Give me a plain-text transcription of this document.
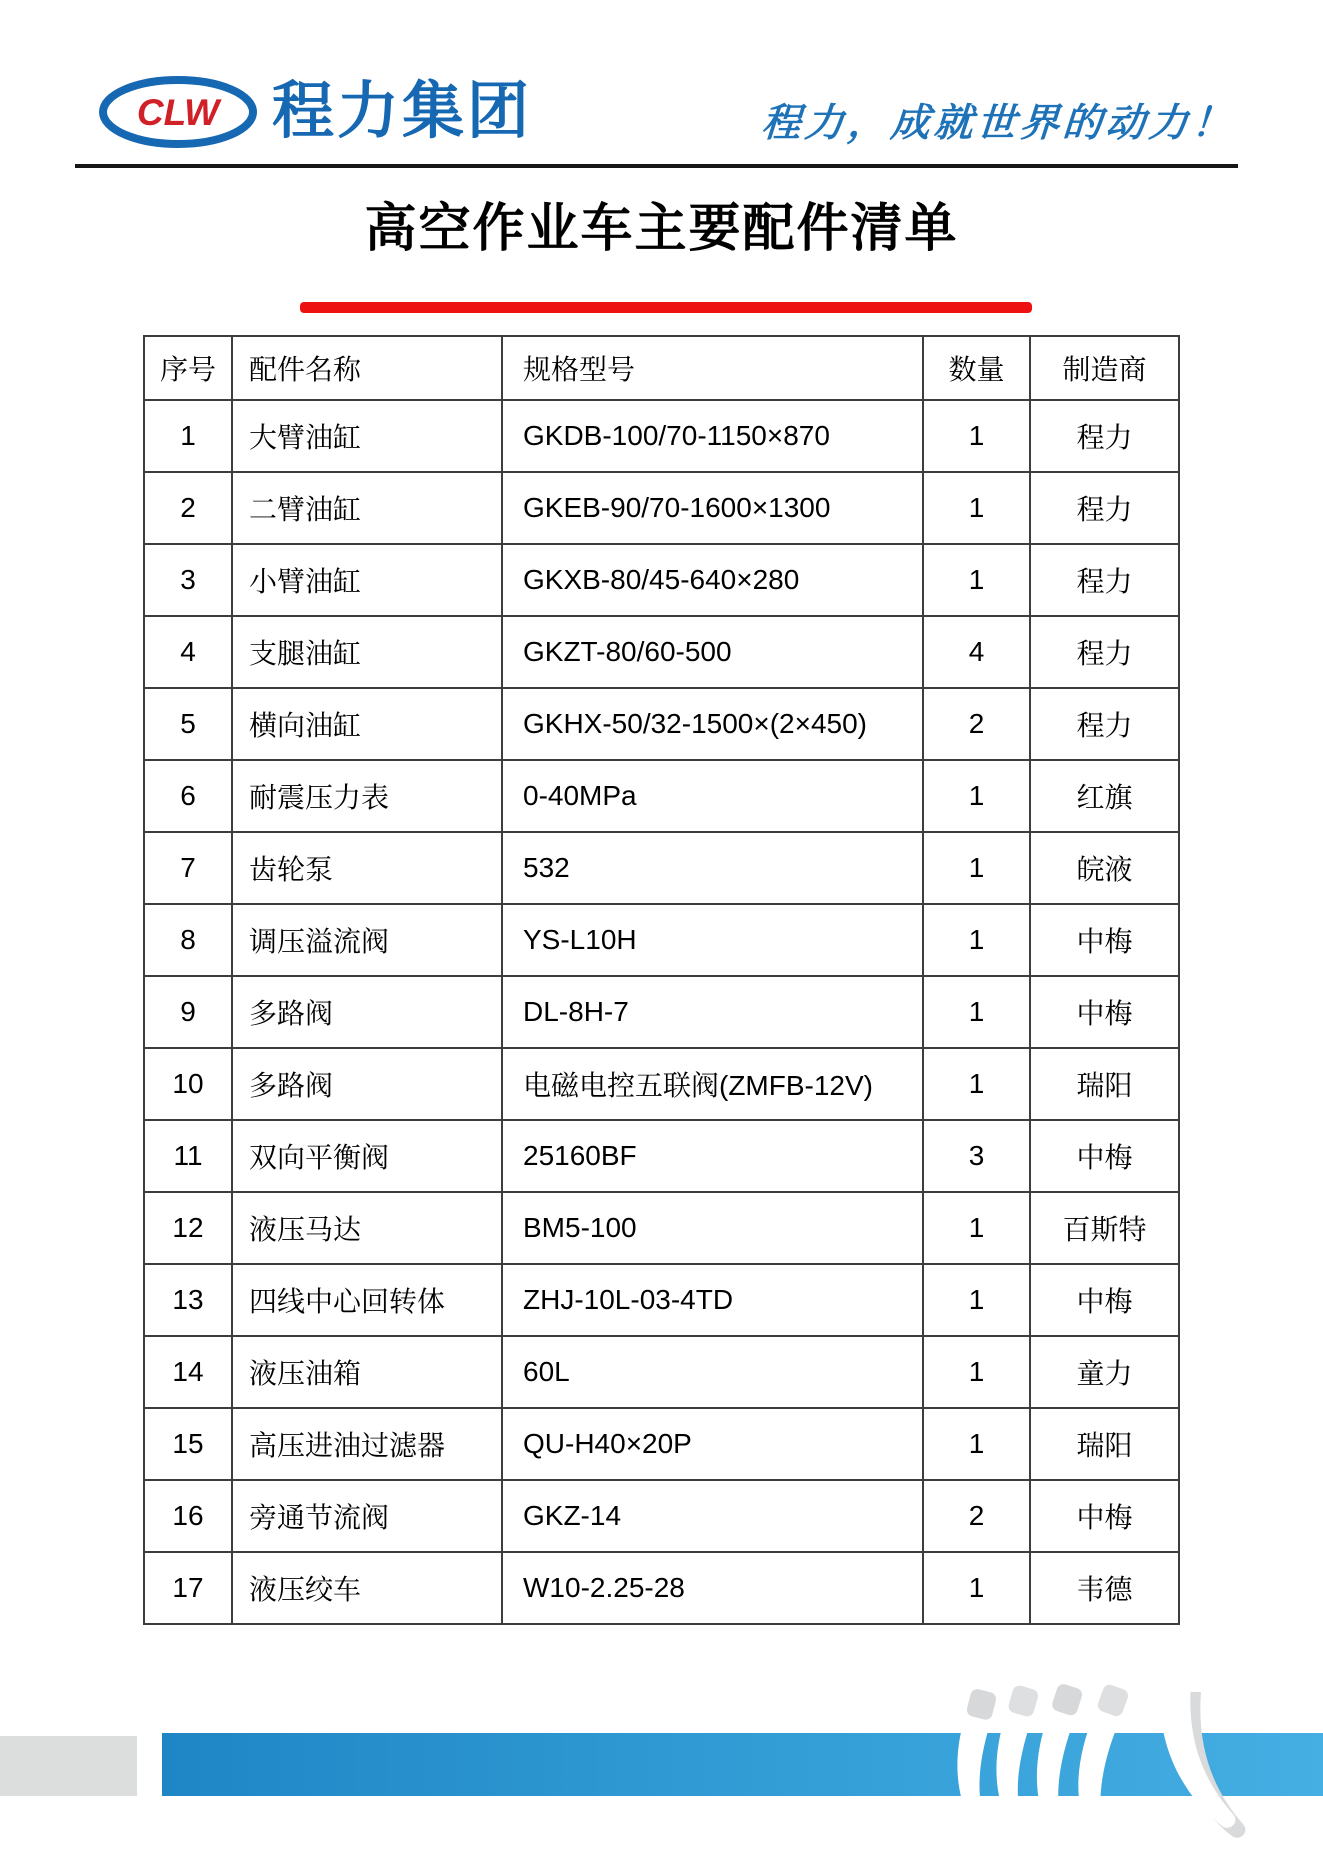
CLW 程力集团	程力，成就世界的动力！
高空作业车主要配件清单
序号	配件名称	规格型号	数量	制造商
1	大臂油缸	GKDB-100/70-1150×870	1	程力
2	二臂油缸	GKEB-90/70-1600×1300	1	程力
3	小臂油缸	GKXB-80/45-640×280	1	程力
4	支腿油缸	GKZT-80/60-500	4	程力
5	横向油缸	GKHX-50/32-1500×(2×450)	2	程力
6	耐震压力表	0-40MPa	1	红旗
7	齿轮泵	532	1	皖液
8	调压溢流阀	YS-L10H	1	中梅
9	多路阀	DL-8H-7	1	中梅
10	多路阀	电磁电控五联阀(ZMFB-12V)	1	瑞阳
11	双向平衡阀	25160BF	3	中梅
12	液压马达	BM5-100	1	百斯特
13	四线中心回转体	ZHJ-10L-03-4TD	1	中梅
14	液压油箱	60L	1	童力
15	高压进油过滤器	QU-H40×20P	1	瑞阳
16	旁通节流阀	GKZ-14	2	中梅
17	液压绞车	W10-2.25-28	1	韦德
